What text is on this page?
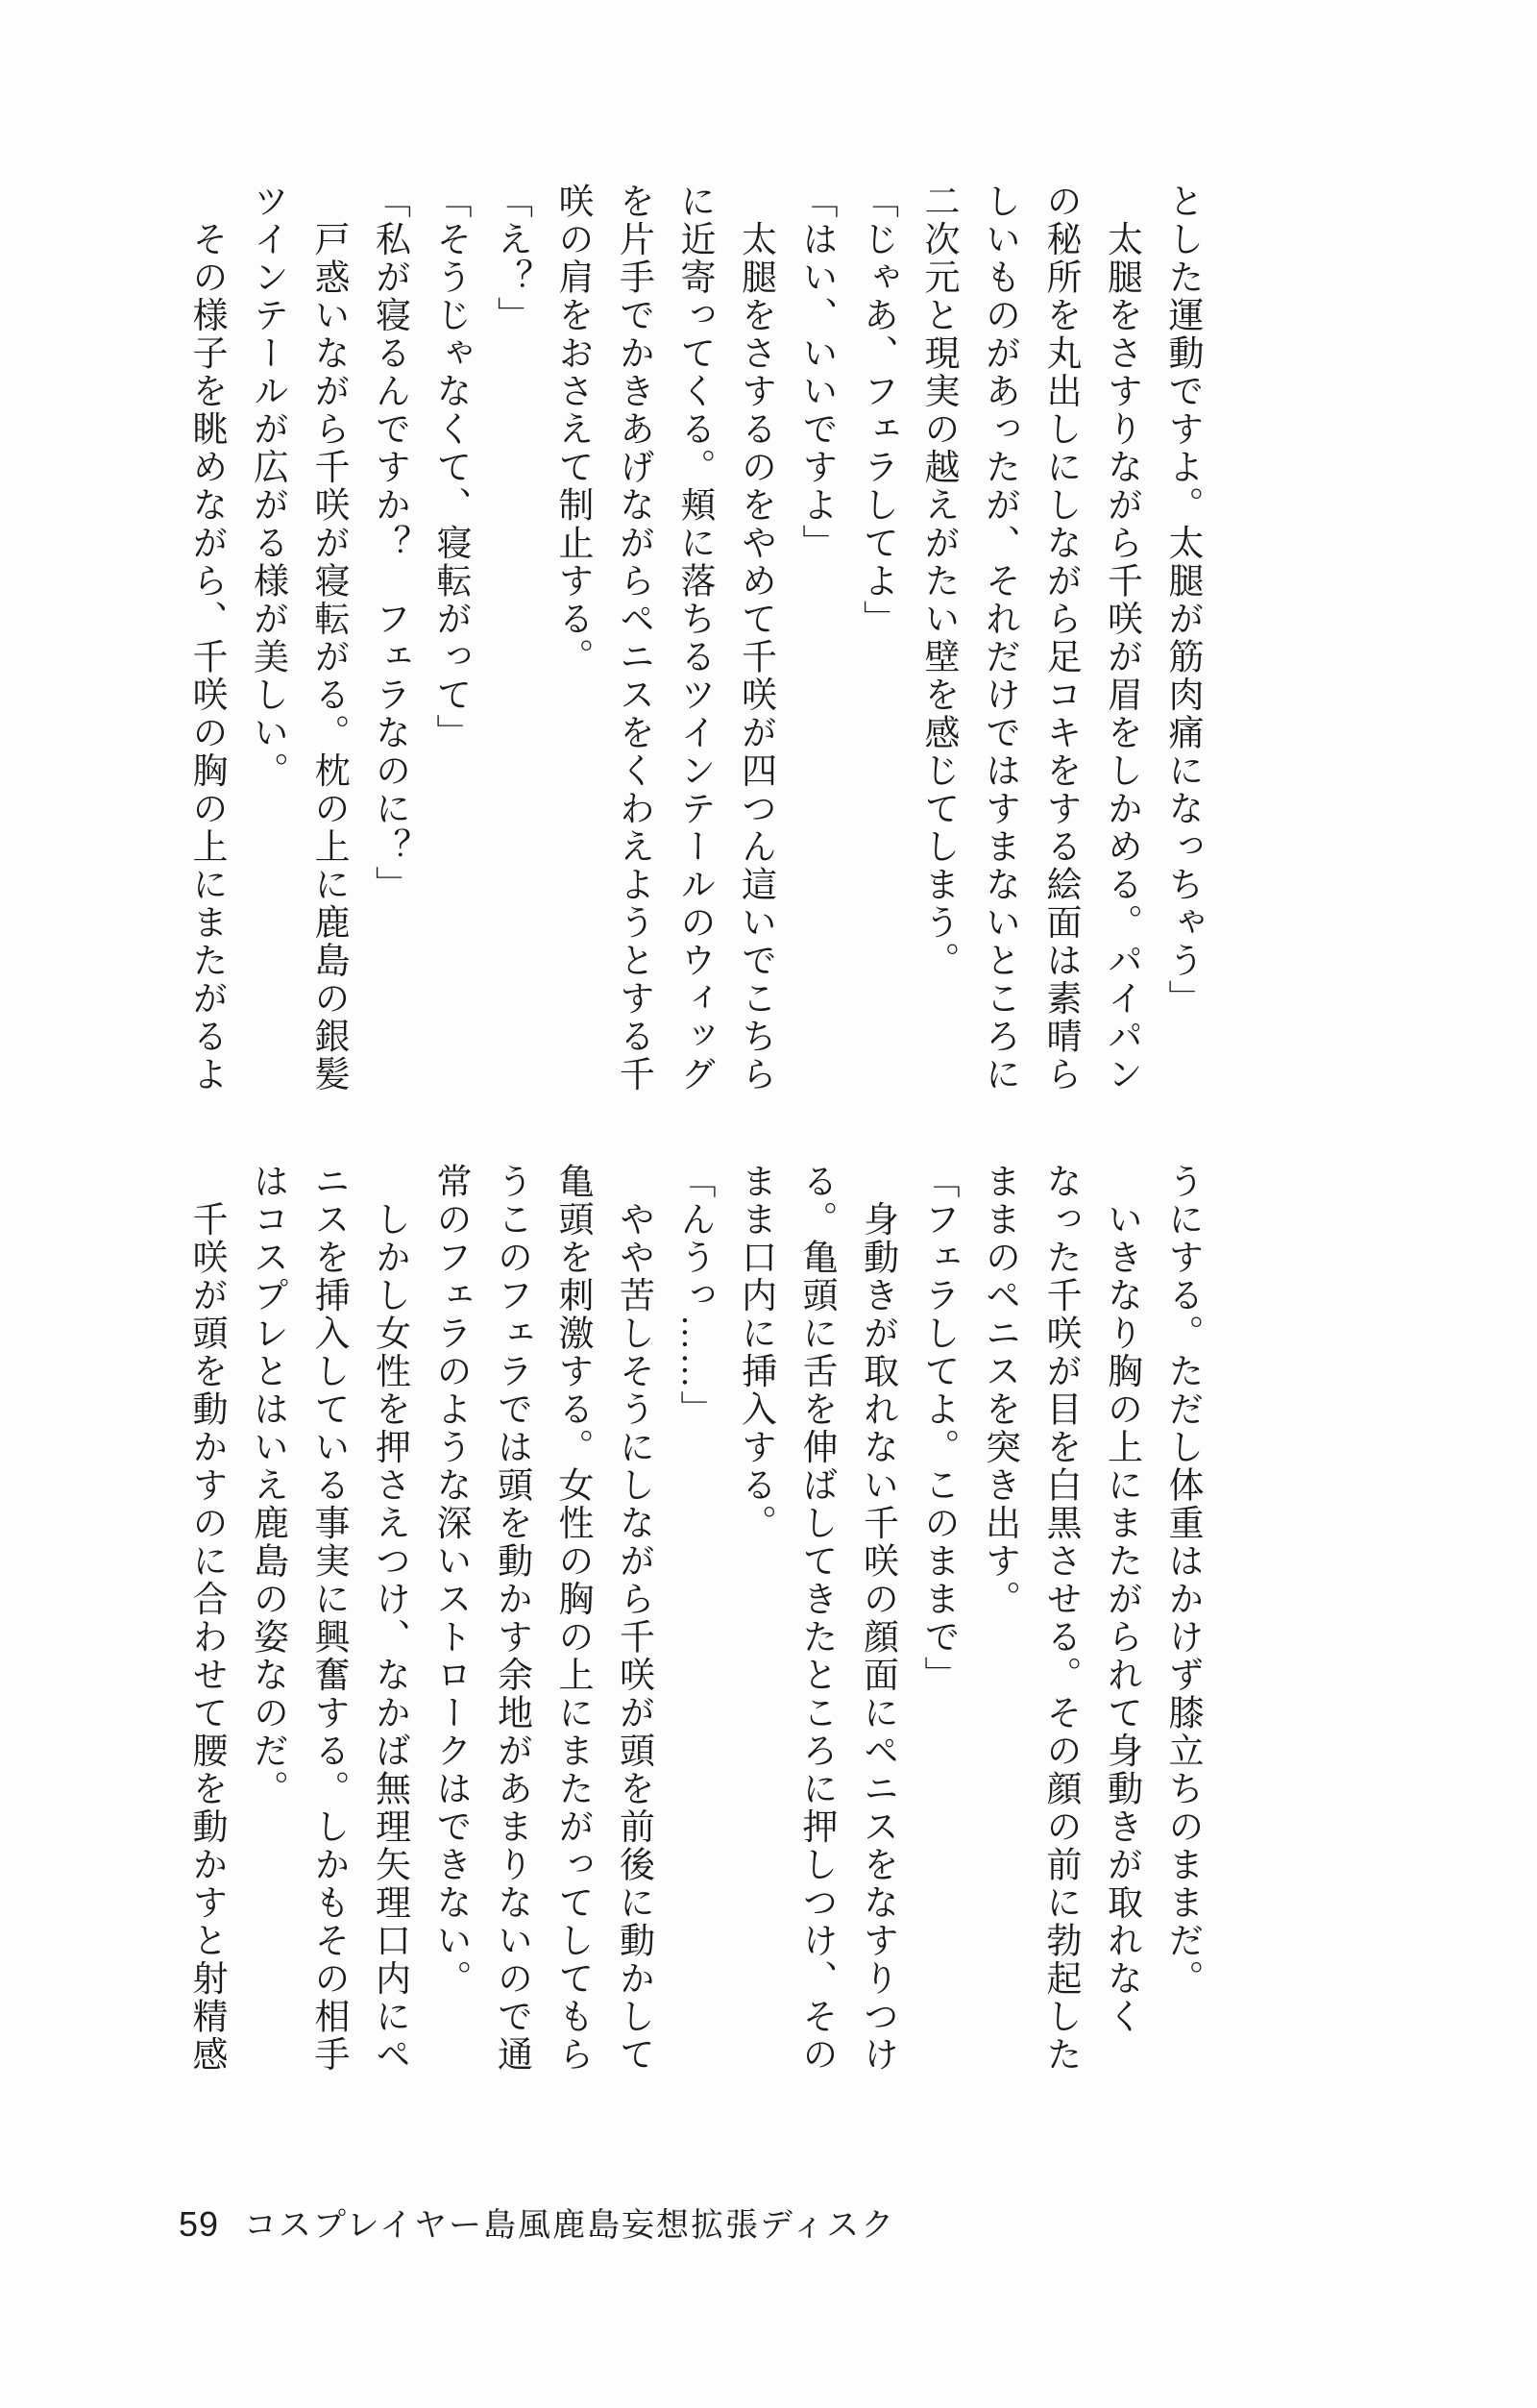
とした運動ですよ。太腿が筋肉痛になっちゃう」
　太腿をさすりながら千咲が眉をしかめる。パイパン
の秘所を丸出しにしながら足コキをする絵面は素晴ら
しいものがあったが、それだけではすまないところに
二次元と現実の越えがたい壁を感じてしまう。
「じゃあ、フェラしてよ」
「はい、いいですよ」
　太腿をさするのをやめて千咲が四つん這いでこちら
に近寄ってくる。頬に落ちるツインテールのウィッグ
を片手でかきあげながらペニスをくわえようとする千
咲の肩をおさえて制止する。
「え？」
「そうじゃなくて、寝転がって」
「私が寝るんですか？　フェラなのに？」
　戸惑いながら千咲が寝転がる。枕の上に鹿島の銀髪
ツインテールが広がる様が美しい。
　その様子を眺めながら、千咲の胸の上にまたがるよ
うにする。ただし体重はかけず膝立ちのままだ。
　いきなり胸の上にまたがられて身動きが取れなく
なった千咲が目を白黒させる。その顔の前に勃起した
ままのペニスを突き出す。
「フェラしてよ。このままで」
　身動きが取れない千咲の顔面にペニスをなすりつけ
る。亀頭に舌を伸ばしてきたところに押しつけ、その
まま口内に挿入する。
「んうっ……」
　やや苦しそうにしながら千咲が頭を前後に動かして
亀頭を刺激する。女性の胸の上にまたがってしてもら
うこのフェラでは頭を動かす余地があまりないので通
常のフェラのような深いストロークはできない。
　しかし女性を押さえつけ、なかば無理矢理口内にペ
ニスを挿入している事実に興奮する。しかもその相手
はコスプレとはいえ鹿島の姿なのだ。
　千咲が頭を動かすのに合わせて腰を動かすと射精感
59 コスプレイヤー島風鹿島妄想拡張ディスク
